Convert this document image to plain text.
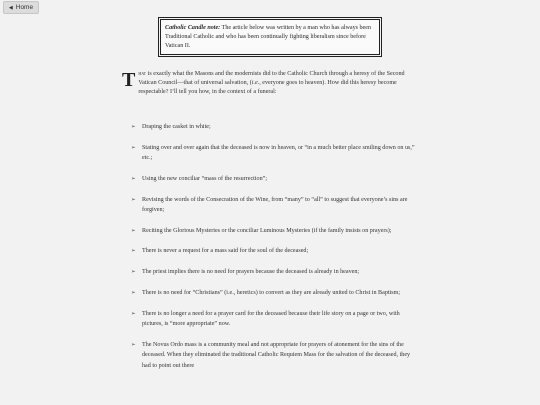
◀ Home
Catholic Candle note: The article below was written by a man who has always been Traditional Catholic and who has been continually fighting liberalism since before Vatican II.
That is exactly what the Masons and the modernists did to the Catholic Church through a heresy of the Second Vatican Council—that of universal salvation, (i.e., everyone goes to heaven). How did this heresy become respectable? I’ll tell you how, in the context of a funeral:
➢ Draping the casket in white;
➢ Stating over and over again that the deceased is now in heaven, or “in a much better place smiling down on us,” etc.;
➢ Using the new conciliar “mass of the resurrection”;
➢ Revising the words of the Consecration of the Wine, from “many” to “all” to suggest that everyone’s sins are forgiven;
➢ Reciting the Glorious Mysteries or the conciliar Luminous Mysteries (if the family insists on prayers);
➢ There is never a request for a mass said for the soul of the deceased;
➢ The priest implies there is no need for prayers because the deceased is already in heaven;
➢ There is no need for “Christians” (i.e., heretics) to convert as they are already united to Christ in Baptism;
➢ There is no longer a need for a prayer card for the deceased because their life story on a page or two, with pictures, is “more appropriate” now.
➢ The Novus Ordo mass is a community meal and not appropriate for prayers of atonement for the sins of the deceased. When they eliminated the traditional Catholic Requiem Mass for the salvation of the deceased, they had to point out there
